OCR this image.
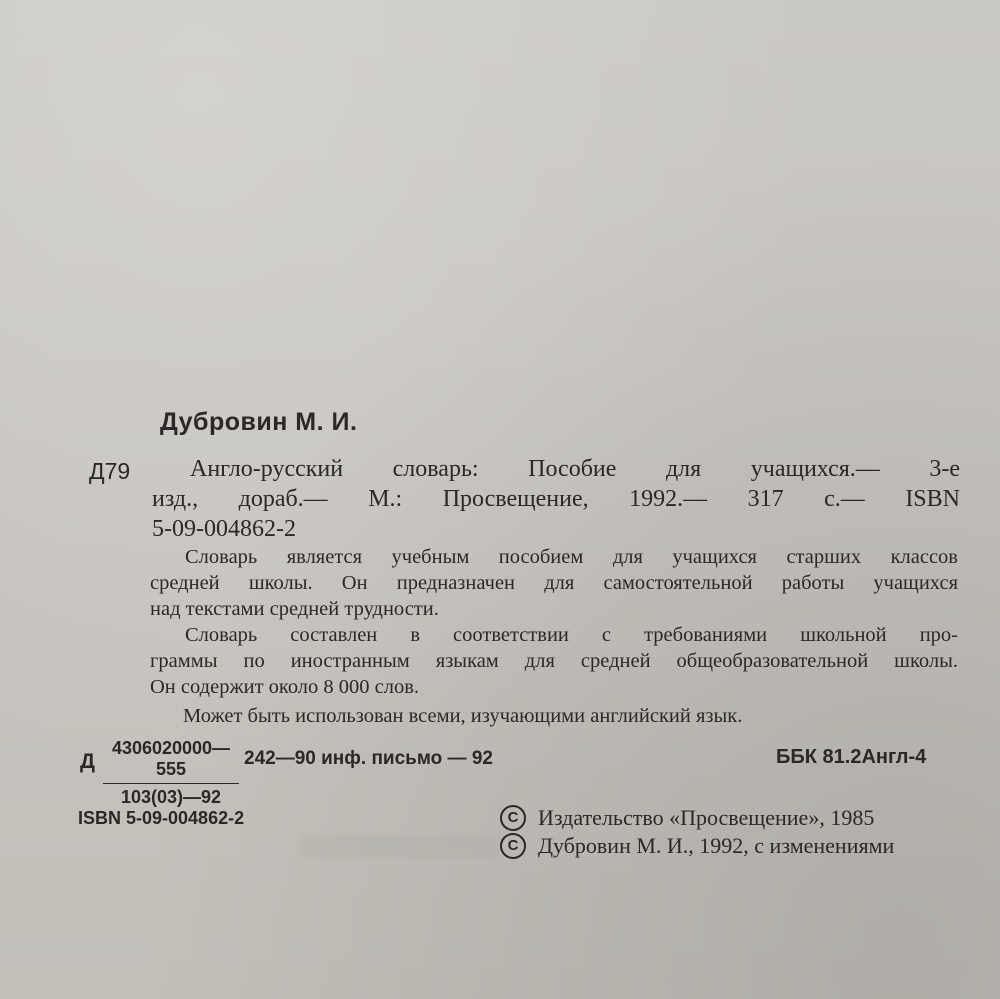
Дубровин М. И.
Д79 Англо-русский словарь: Пособие для учащихся.— 3-е
изд., дораб.— М.: Просвещение, 1992.— 317 с.— ISBN
5-09-004862-2
Словарь является учебным пособием для учащихся старших классов
средней школы. Он предназначен для самостоятельной работы учащихся
над текстами средней трудности.
Словарь составлен в соответствии с требованиями школьной про-
граммы по иностранным языкам для средней общеобразовательной школы.
Он содержит около 8 000 слов.
Может быть использован всеми, изучающими английский язык.
Д $\frac{4306020000—555}{103(03)—92}$ 242—90 инф. письмо — 92	ББК 81.2Англ-4
ISBN 5-09-004862-2	C Издательство «Просвещение», 1985
C Дубровин М. И., 1992, с изменениями
